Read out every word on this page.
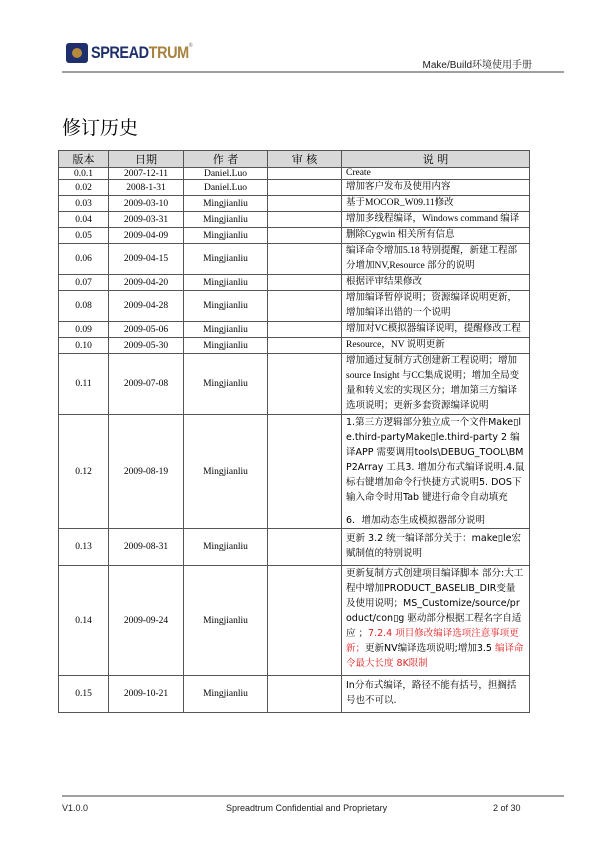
SPREADTRUM®
Make/Build环境使用手册
修订历史
版本	日期	作 者	审 核	说 明
0.0.1	2007-12-11	Daniel.Luo		Create
0.02	2008-1-31	Daniel.Luo		增加客户发布及使用内容
0.03	2009-03-10	Mingjianliu		基于MOCOR_W09.11修改
0.04	2009-03-31	Mingjianliu		增加多线程编译，Windows command 编译
0.05	2009-04-09	Mingjianliu		删除Cygwin 相关所有信息
0.06	2009-04-15	Mingjianliu		编译命令增加5.18 特别提醒，新建工程部分增加NV,Resource 部分的说明
0.07	2009-04-20	Mingjianliu		根据评审结果修改
0.08	2009-04-28	Mingjianliu		增加编译暂停说明；资源编译说明更新，增加编译出错的一个说明
0.09	2009-05-06	Mingjianliu		增加对VC模拟器编译说明，提醒修改工程
0.10	2009-05-30	Mingjianliu		Resource，NV 说明更新
0.11	2009-07-08	Mingjianliu		增加通过复制方式创建新工程说明；增加 source Insight 与CC集成说明；增加全局变量和转义宏的实现区分；增加第三方编译选项说明；更新多套资源编译说明
0.12	2009-08-19	Mingjianliu		1.第三方逻辑部分独立成一个文件Make▯le.third-partyMake▯le.third-party 2 编译APP 需要调用tools\DEBUG_TOOL\BMP2Array 工具3. 增加分布式编译说明.4.鼠标右键增加命令行快捷方式说明5. DOS下输入命令时用Tab 键进行命令自动填充
6．增加动态生成模拟器部分说明

0.13	2009-08-31	Mingjianliu		更新 3.2 统一编译部分关于：make▯le宏赋制值的特别说明
0.14	2009-09-24	Mingjianliu		更新复制方式创建项目编译脚本 部分:大工程中增加PRODUCT_BASELIB_DIR变量 及使用说明；MS_Customize/source/product/con▯g 驱动部分根据工程名字自适应 ；7.2.4 项目修改编译选项注意事项更新；更新NV编译选项说明;增加3.5 编译命令最大长度 8K限制
0.15	2009-10-21	Mingjianliu		In分布式编译，路径不能有括号，担搁括号也不可以.
V1.0.0	Spreadtrum Confidential and Proprietary	2 of 30
